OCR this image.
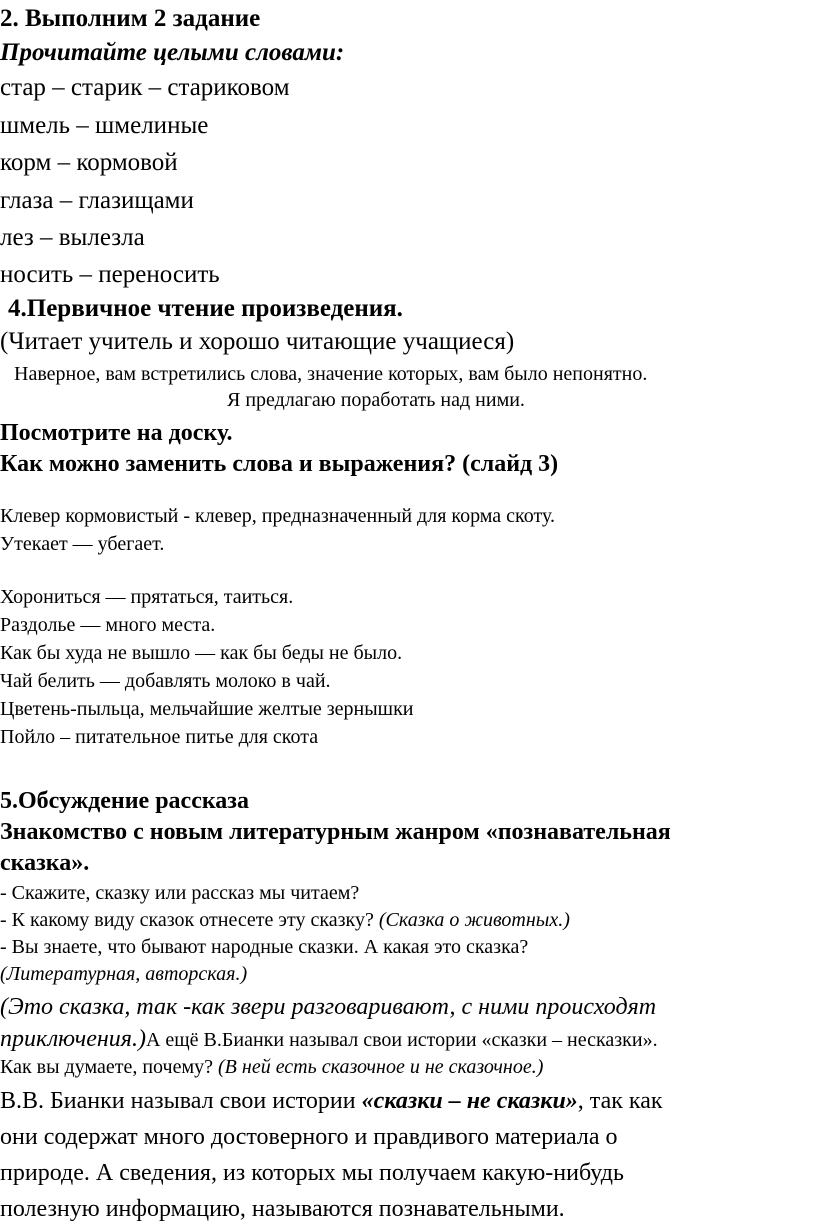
2. Выполним 2 задание
Прочитайте целыми словами:
стар – старик – стариковом
шмель – шмелиные
корм – кормовой
глаза – глазищами
лез – вылезла
носить – переносить
4.Первичное чтение произведения.
(Читает учитель и хорошо читающие учащиеся)
Наверное, вам встретились слова, значение которых, вам было непонятно.
Я предлагаю поработать над ними.
Посмотрите на доску.
Как можно заменить слова и выражения? (слайд 3)
Клевер кормовистый - клевер, предназначенный для корма скоту.
Утекает — убегает.
Хорониться — прятаться, таиться.
Раздолье — много места.
Как бы худа не вышло — как бы беды не было.
Чай белить — добавлять молоко в чай.
Цветень-пыльца, мельчайшие желтые зернышки
Пойло – питательное питье для скота
5.Обсуждение рассказа
Знакомство с новым литературным жанром «познавательная
сказка».
- Скажите, сказку или рассказ мы читаем?
- К какому виду сказок отнесете эту сказку? (Сказка о животных.)
- Вы знаете, что бывают народные сказки. А какая это сказка?
(Литературная, авторская.)
(Это сказка, так -как звери разговаривают, с ними происходят
приключения.)А ещё В.Бианки называл свои истории «сказки – несказки».
Как вы думаете, почему? (В ней есть сказочное и не сказочное.)
В.В. Бианки называл свои истории «сказки – не сказки», так как
они содержат много достоверного и правдивого материала о
природе. А сведения, из которых мы получаем какую-нибудь
полезную информацию, называются познавательными.
